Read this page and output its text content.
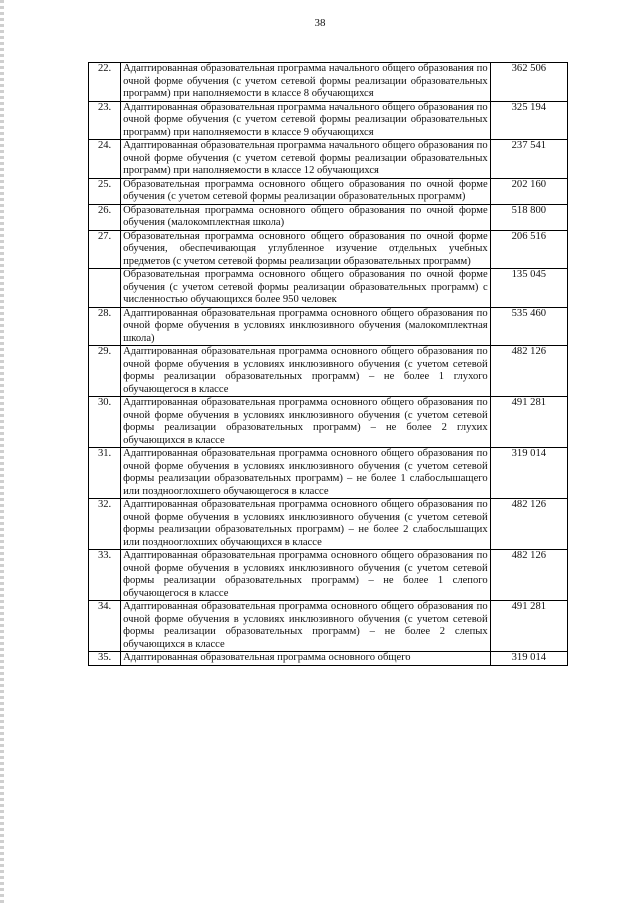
38
22.	Адаптированная образовательная программа начального общего образования по очной форме обучения (с учетом сетевой формы реализации образовательных программ) при наполняемости в классе 8 обучающихся	362 506
23.	Адаптированная образовательная программа начального общего образования по очной форме обучения (с учетом сетевой формы реализации образовательных программ) при наполняемости в классе 9 обучающихся	325 194
24.	Адаптированная образовательная программа начального общего образования по очной форме обучения (с учетом сетевой формы реализации образовательных программ) при наполняемости в классе 12 обучающихся	237 541
25.	Образовательная программа основного общего образования по очной форме обучения (с учетом сетевой формы реализации образовательных программ)	202 160
26.	Образовательная программа основного общего образования по очной форме обучения (малокомплектная школа)	518 800
27.	Образовательная программа основного общего образования по очной форме обучения, обеспечивающая углубленное изучение отдельных учебных предметов (с учетом сетевой формы реализации образовательных программ)	206 516
	Образовательная программа основного общего образования по очной форме обучения (с учетом сетевой формы реализации образовательных программ) с численностью обучающихся более 950 человек	135 045
28.	Адаптированная образовательная программа основного общего образования по очной форме обучения в условиях инклюзивного обучения (малокомплектная школа)	535 460
29.	Адаптированная образовательная программа основного общего образования по очной форме обучения в условиях инклюзивного обучения (с учетом сетевой формы реализации образовательных программ) – не более 1 глухого обучающегося в классе	482 126
30.	Адаптированная образовательная программа основного общего образования по очной форме обучения в условиях инклюзивного обучения (с учетом сетевой формы реализации образовательных программ) – не более 2 глухих обучающихся в классе	491 281
31.	Адаптированная образовательная программа основного общего образования по очной форме обучения в условиях инклюзивного обучения (с учетом сетевой формы реализации образовательных программ) – не более 1 слабослышащего или позднооглохшего обучающегося в классе	319 014
32.	Адаптированная образовательная программа основного общего образования по очной форме обучения в условиях инклюзивного обучения (с учетом сетевой формы реализации образовательных программ) – не более 2 слабослышащих или позднооглохших обучающихся в классе	482 126
33.	Адаптированная образовательная программа основного общего образования по очной форме обучения в условиях инклюзивного обучения (с учетом сетевой формы реализации образовательных программ) – не более 1 слепого обучающегося в классе	482 126
34.	Адаптированная образовательная программа основного общего образования по очной форме обучения в условиях инклюзивного обучения (с учетом сетевой формы реализации образовательных программ) – не более 2 слепых обучающихся в классе	491 281
35.	Адаптированная образовательная программа основного общего	319 014
